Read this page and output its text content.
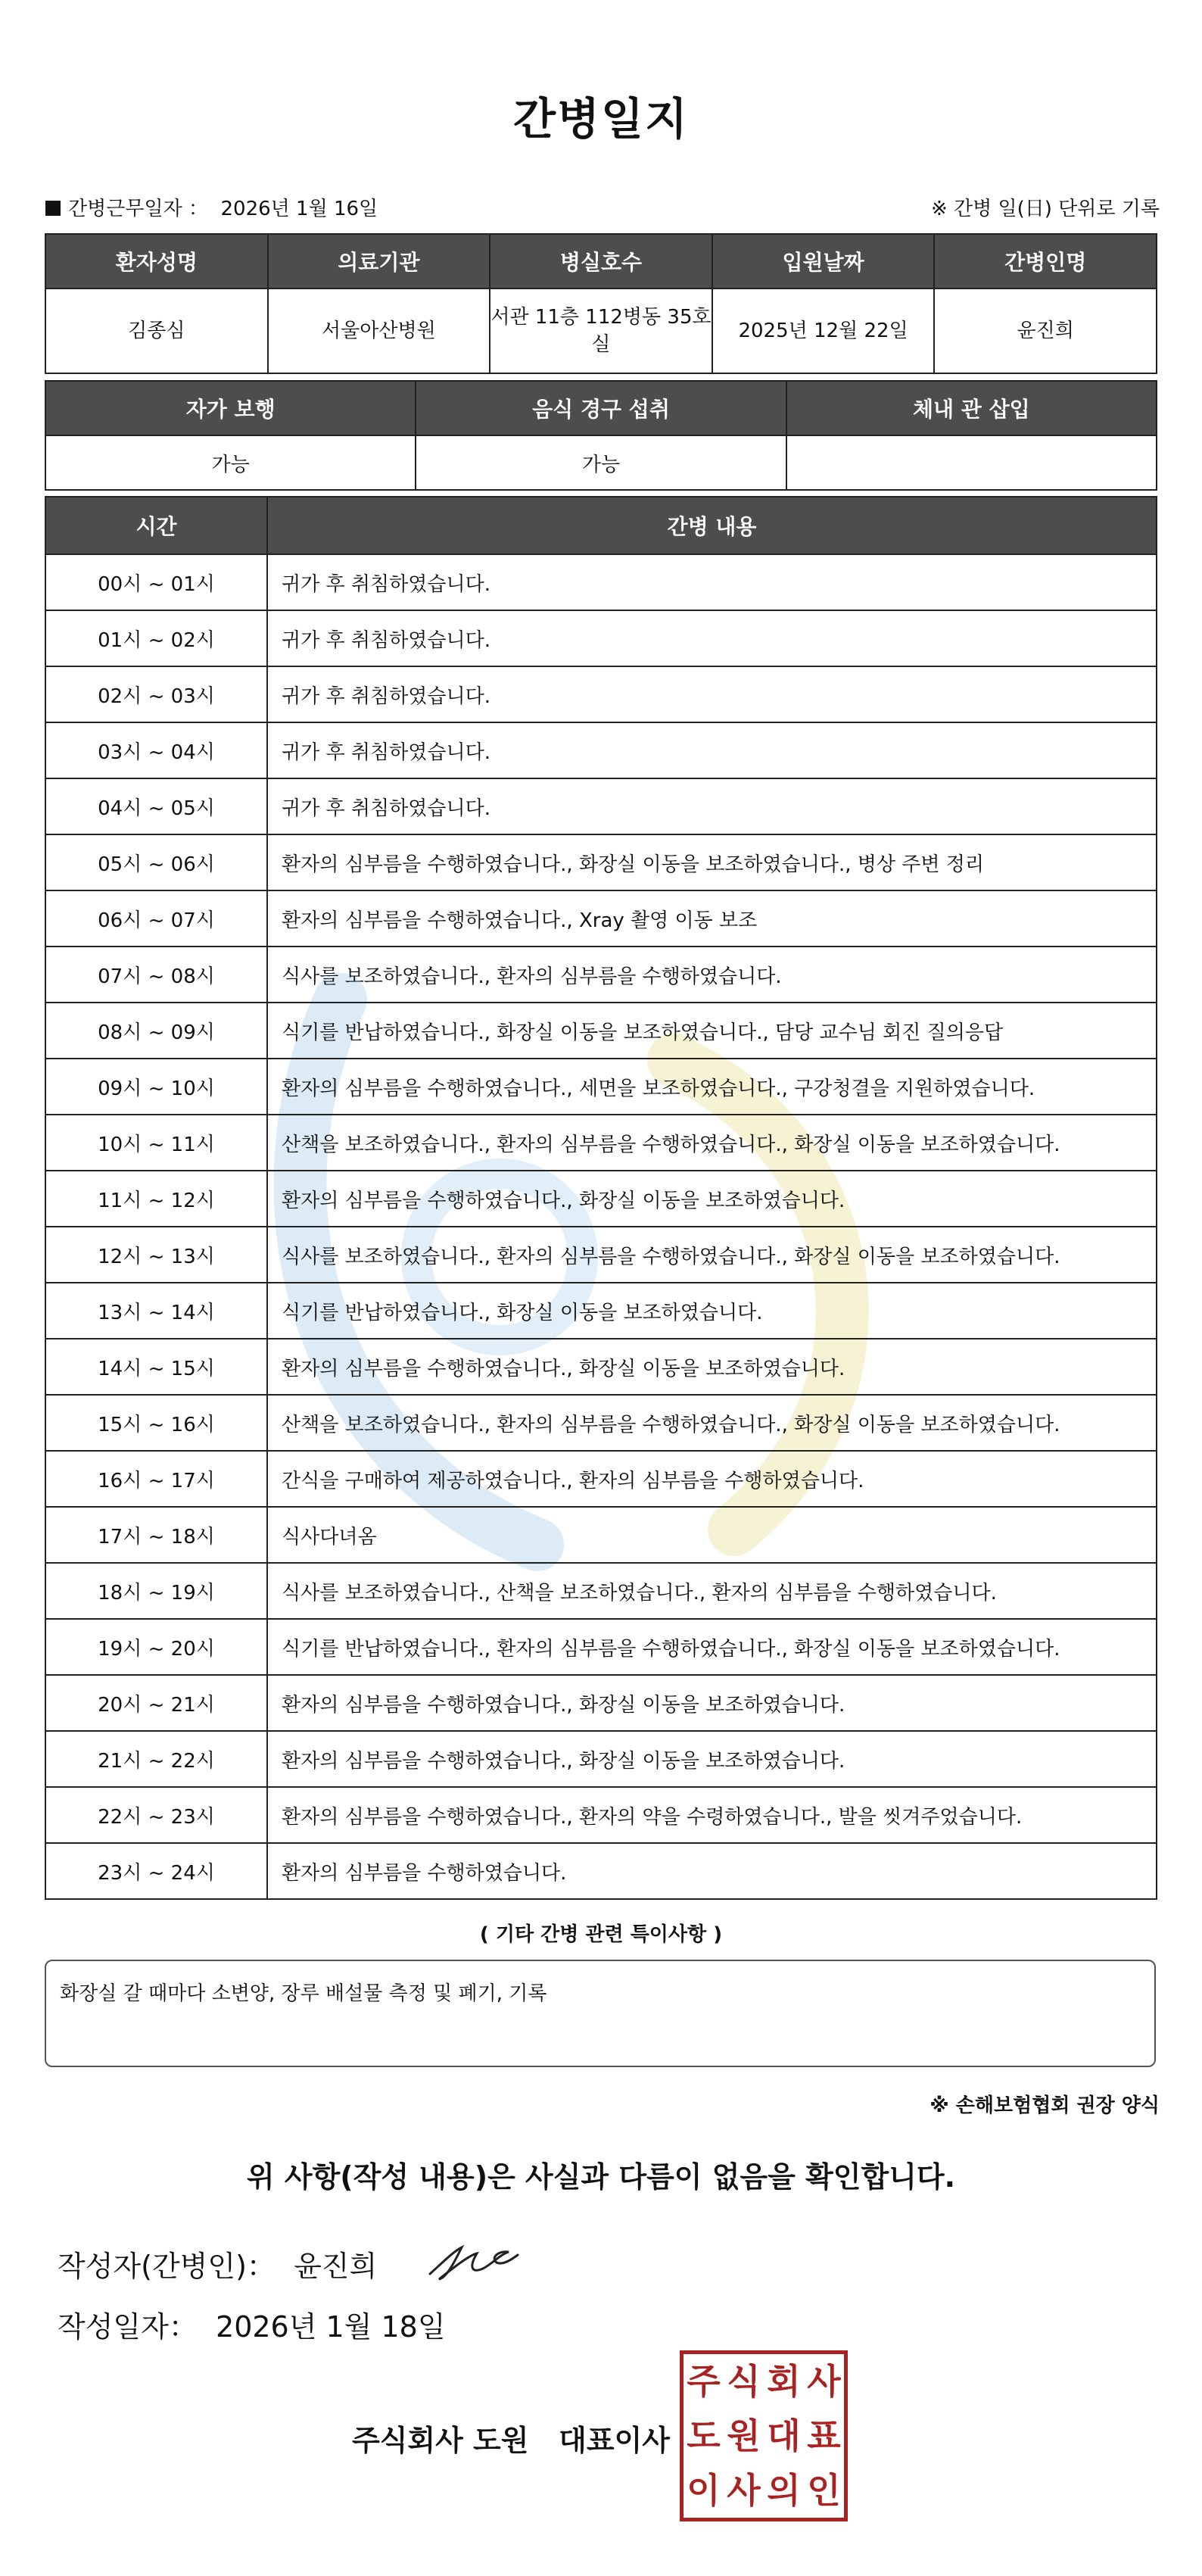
간병일지
간병근무일자 ： 2026년 1월 16일	※ 간병 일(日) 단위로 기록
환자성명	의료기관	병실호수	입원날짜	간병인명
김종심	서울아산병원	서관 11층 112병동 35호실	2025년 12월 22일	윤진희
자가 보행	음식 경구 섭취	체내 관 삽입
가능	가능	
시간	간병 내용
00시 ~ 01시	귀가 후 취침하였습니다.
01시 ~ 02시	귀가 후 취침하였습니다.
02시 ~ 03시	귀가 후 취침하였습니다.
03시 ~ 04시	귀가 후 취침하였습니다.
04시 ~ 05시	귀가 후 취침하였습니다.
05시 ~ 06시	환자의 심부름을 수행하였습니다., 화장실 이동을 보조하였습니다., 병상 주변 정리
06시 ~ 07시	환자의 심부름을 수행하였습니다., Xray 촬영 이동 보조
07시 ~ 08시	식사를 보조하였습니다., 환자의 심부름을 수행하였습니다.
08시 ~ 09시	식기를 반납하였습니다., 화장실 이동을 보조하였습니다., 담당 교수님 회진 질의응답
09시 ~ 10시	환자의 심부름을 수행하였습니다., 세면을 보조하였습니다., 구강청결을 지원하였습니다.
10시 ~ 11시	산책을 보조하였습니다., 환자의 심부름을 수행하였습니다., 화장실 이동을 보조하였습니다.
11시 ~ 12시	환자의 심부름을 수행하였습니다., 화장실 이동을 보조하였습니다.
12시 ~ 13시	식사를 보조하였습니다., 환자의 심부름을 수행하였습니다., 화장실 이동을 보조하였습니다.
13시 ~ 14시	식기를 반납하였습니다., 화장실 이동을 보조하였습니다.
14시 ~ 15시	환자의 심부름을 수행하였습니다., 화장실 이동을 보조하였습니다.
15시 ~ 16시	산책을 보조하였습니다., 환자의 심부름을 수행하였습니다., 화장실 이동을 보조하였습니다.
16시 ~ 17시	간식을 구매하여 제공하였습니다., 환자의 심부름을 수행하였습니다.
17시 ~ 18시	식사다녀옴
18시 ~ 19시	식사를 보조하였습니다., 산책을 보조하였습니다., 환자의 심부름을 수행하였습니다.
19시 ~ 20시	식기를 반납하였습니다., 환자의 심부름을 수행하였습니다., 화장실 이동을 보조하였습니다.
20시 ~ 21시	환자의 심부름을 수행하였습니다., 화장실 이동을 보조하였습니다.
21시 ~ 22시	환자의 심부름을 수행하였습니다., 화장실 이동을 보조하였습니다.
22시 ~ 23시	환자의 심부름을 수행하였습니다., 환자의 약을 수령하였습니다., 발을 씻겨주었습니다.
23시 ~ 24시	환자의 심부름을 수행하였습니다.
( 기타 간병 관련 특이사항 )
화장실 갈 때마다 소변양, 장루 배설물 측정 및 폐기, 기록
※ 손해보험협회 권장 양식
위 사항(작성 내용)은 사실과 다름이 없음을 확인합니다.
작성자(간병인)： 윤진희
작성일자： 2026년 1월 18일
주식회사 도원   대표이사
주 식 회 사
도 원 대 표
이 사 의 인
